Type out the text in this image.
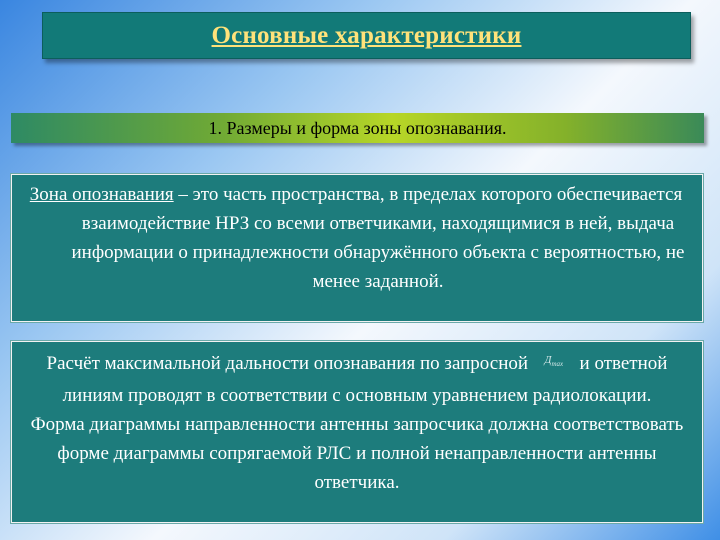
Основные характеристики
1. Размеры и форма зоны опознавания.

Зона опознавания – это часть пространства, в пределах которого обеспечивается взаимодействие НРЗ со всеми ответчиками, находящимися в ней, выдача информации о принадлежности обнаружённого объекта с вероятностью, не менее заданной.

Расчёт максимальной дальности опознавания по запросной $Д_{max}$ и ответной линиям проводят в соответствии с основным уравнением радиолокации.

Форма диаграммы направленности антенны запросчика должна соответствовать форме диаграммы сопрягаемой РЛС и полной ненаправленности антенны ответчика.
